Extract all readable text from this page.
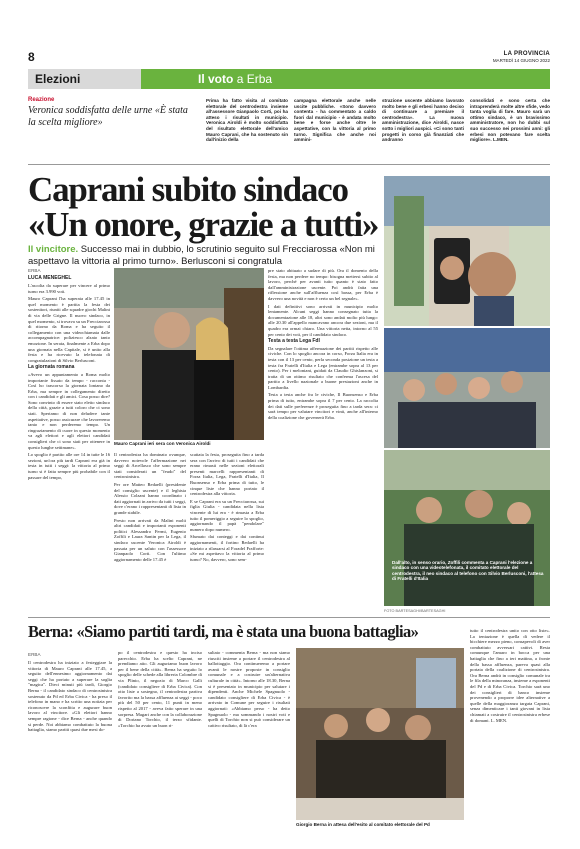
8	LA PROVINCIA
MARTEDÌ 14 GIUGNO 2022
Elezioni	Il voto a Erba
Reazione
Veronica soddisfatta delle urne «È stata la scelta migliore»
Prima ha fatto visita al comitato elettorale del centrodestra insieme all'assessore Gianpaolo Corti, poi ha atteso i risultati in municipio. Veronica Airoldi è molto soddisfatta del risultato elettorale dell'amico Mauro Caprani, che ha sostenuto sin dall'inizio della
campagna elettorale anche nelle uscite pubbliche. «Sono davvero contenta - ha commentato a caldo fuori dal municipio - è andata molto bene e forse anche oltre le aspettative, con la vittoria al primo turno. Significa che anche noi ammini-
strazione uscente abbiamo lavorato molto bene e gli erbesi hanno deciso di continuare a premiare il centrodestra». La nuova amministrazione, dice Airoldi, nasce sotto i migliori auspici. «Ci sono tanti progetti in corso già finanziati che andranno
consolidati e sono certa che intraprenderà molte altre sfide, vedo tanta voglia di fare. Mauro sarà un ottimo sindaco, è un bravissimo amministratore, non ho dubbi sul suo successo nei prossimi anni: gli erbesi non potevano fare scelta migliore». L.MEN.
Caprani subito sindaco
«Un onore, grazie a tutti»
Il vincitore. Successo mai in dubbio, lo scrutinio seguito sul Frecciarossa «Non mi aspettavo la vittoria al primo turno». Berlusconi si congratula
ERBA
LUCA MENEGHEL

L'ascolta da superare per vincere al primo turno era 3.990 voti.

Mauro Caprani l'ha superata alle 17.45 in quel momento è partita la festa dei sostenitori, riuniti alle squadre giochi Malini di via delle Grigne. Il nuovo sindaco, in quel momento, si trovava su un Frecciarossa di ritorno da Roma e ha seguito il collegamento con una videochiamata dalle accompagnatrice: poliziesco alzato tanto emozione. In serata, finalmente a Erba dopo una giornata nella Capitale, si è unito alla festa e ha ricevuto la telefonata di congratulazioni di Silvio Berlusconi.

La giornata romana

«Avevo un appuntamento a Roma molto importante fissato da tempo - racconta - Così ho trascorso la giornata lontano da Erba, ma sempre in collegamento diretto con i candidati e gli amici. Cosa posso dire? Sono convinto di essere stato eletto sindaco della città, grazie a tutti coloro che ci sono stati. Speriamo di non deludere tante aspettative, posso assicurare che lavoreremo tanto e non perderemo tempo. Un ringraziamento di cuore in questo momento va agli elettori e agli elettori candidati consiglieri che ci sono stati per ottenere in questo lunghe settimane».

Lo spoglio è partito alle ore 14 in tutte le 16 sezioni, un'ora più tardi Caprani era già in testa in tutti i seggi: la vittoria al primo turno si è fatta sempre più probabile con il passare del tempo,

Mauro Caprani ieri sera con Veronica Airoldi

Il centrodestra ha dominato ovunque, davvero notevole l'affermazione nei seggi di Arcellasco che sono sempre stati considerati un "feudo" del centrosinistra.

Per ore Matteo Redaelli (presidente del consiglio uscente) e il leghista Alessio Colzani hanno coordinato i dati aggiornati in arrivo da tutti i seggi, dove c'erano i rappresentanti di lista in grande stabile.

Presto non arrivati da Malini molti altri candidati e importanti esponenti politici Alessandro Fermi, Eugenio Zoffili e Laura Santin per la Lega, il sindaco uscente Veronica Airoldi è passata per un saluto con l'assessore Gianpaolo Corti. Con l'ultimo aggiornamento delle 17.45 è

scattata la festa, proseguita fino a tarda sera con l'arrivo di tutti i candidati che erano rimasti nelle sezioni elettorali presenti marcelli rappresentanti di Forza Italia, Lega, Fratelli d'Italia, Il Buonsenso e Erba prima di tutto, le cinque liste che hanno portato il centrodestra alla vittoria.

E se Caprani era su un Frecciarossa, sui figlia Giulia - candidata nella lista vincente di lui era - è rimasta a Erba tutto il pomeriggio a seguire lo spoglio, aggiornando il papà "pendolare" numero dopo numero.

Sfumato dai conteggi e dai continui aggiornamenti, il fortino Redaelli ha iniziato a rilassarsi al Foradel Frafforte: «Se mi aspettavo la vittoria al primo turno? No, davvero, sono sem-

pre stato abituato a sudare di più. Ora il domento della festa, ma non perdere no tempo: bisogna mettersi subito al lavoro, perché per avanti tutto quanto è stato fatto dall'amministrazione uscente. Poi andrà fatta una riflessione anche sull'affluenza così bassa, per Erba è davvero una novità e non è certo un bel segnale».

I dati definitivi sono arrivati in municipio molto lentamente. Alcuni seggi hanno consegnato tutta la documentazione alle 18, altri sono andati molto più lungo: alle 20.30 all'appello mancavano ancora due sezioni, ma il quadro era ormai chiaro. Una vittoria netta, intorno al 55 per cento dei voti, per il candidato sindaco.

Testa a testa Lega FdI

Da segnalare l'ottima affermazione dei partiti rispetto alle civiche. Con lo spoglio ancora in corso, Forza Italia era in testa con il 13 per cento, perla seconda posizione un testa a testa fra Fratelli d'Italia e Lega (entrambe sopra al 13 per cento). Per i meloniani, guidati da Claudio Ghislanzoni, si tratta di un ottimo risultato che conferma l'ascesa del partito a livello nazionale a buone prestazioni anche in Lombardia.

Testa a testa anche fra le civiche, Il Buonsenso e Erba prima di tutto, entrambe sopra il 7 per cento. La raccolta dei dati sulle preferenze è proseguita fino a tarda sera: ci sarà tempo per valutare vincitori e vinti, anche all'interno della coalizione che governerà Erba.

Dall'alto, in senso orario, Zoffili commenta a Caprani l'elezione a sindaco con una videotelefonata, il comitato elettorale del centrodestra, il neo sindaco al telefono con Silvio Berlusconi, l'attesa di Fratelli d'Italia
FOTO BARTESAGHI/BARTESAGHI
Berna: «Siamo partiti tardi, ma è stata una buona battaglia»
ERBA
Il centrodestra ha iniziato a festeggiare la vittoria di Mauro Caprani alle 17.45, a seguito dell'ennesimo aggiornamento dai seggi che ha portato a superare la soglia "magica". Dieci minuti più tardi, Giorgio Berna - il candidato sindaco di centrosinistra sostenuto da Pd ed Erba Civica - ha preso il telefono in mano e ha scritto una notizia per riconoscere la sconfitta e augurare buon lavoro al vincitore. «Gli elettori hanno sempre ragione - dice Berna - anche quando si perde. Noi abbiamo combattuto la buona battaglia, siamo partiti quasi due mesi do-
po il centrodestra e questo ha inciso parecchio. Erba ha scelto Caprani, ne prendiamo atto. Gli auguriamo buon lavoro per il bene della città». Berna ha seguito lo spoglio delle schede alla libreria Colombre di via Plinio, il negozio di Marco Galli (candidato consigliere di Erba Civica). Con otto liste a sostegno, il centrodestra partiva favorito ma la bassa affluenza ai seggi - poco più del 50 per cento, 11 punti in meno rispetto al 2017 - aveva fatto sperare in una sorpresa. Magari anche con la collaborazione di Doriano Torchio, il terzo sfidante. «Torchio ha avuto un buon ri-
sultato - commenta Berna - ma non siamo riusciti insieme a portare il centrodestra al ballottaggio. Ora continueremo a portare avanti le nostre proposte in consiglio comunale e a costruire un'alternativa culturale in città». Intorno alle 18.30, Berna si è presentato in municipio per salutare i dipendenti. Anche Michele Spagnuolo - candidato consigliere di Erba Civica - è arrivato in Comune per seguire i risultati aggiornati: «Abbiamo perso - ha detto Spagnuolo - ma sommando i nostri voti e quelli di Torchio non si può considerare un cattivo risultato, di là c'era
Giorgio Berna in attesa dell'esito al comitato elettorale del Pd
tutto il centrodestra unito con otto liste». La tentazione è quella di vedere il bicchiere mezzo pieno, consapevoli di aver combattuto avversari cattivi. Resta comunque l'amaro in bocca per una battaglia che fino a ieri mattina, a fronte della bassa affluenza, pareva quasi alla portata della coalizione di centrosinistra. Ora Berna andrà in consiglio comunale tra le fila della minoranza, insieme a esponenti del Pd e di Erba Civica. Torchio sarà uno dei consiglieri di banco insieme provenendo a proporre idee alternative a quelle della maggioranza targata Caprani, senza dimenticare i tanti giovani in lista chiamati a costruire il centrosinistra erbese di domani. L. MEN.
